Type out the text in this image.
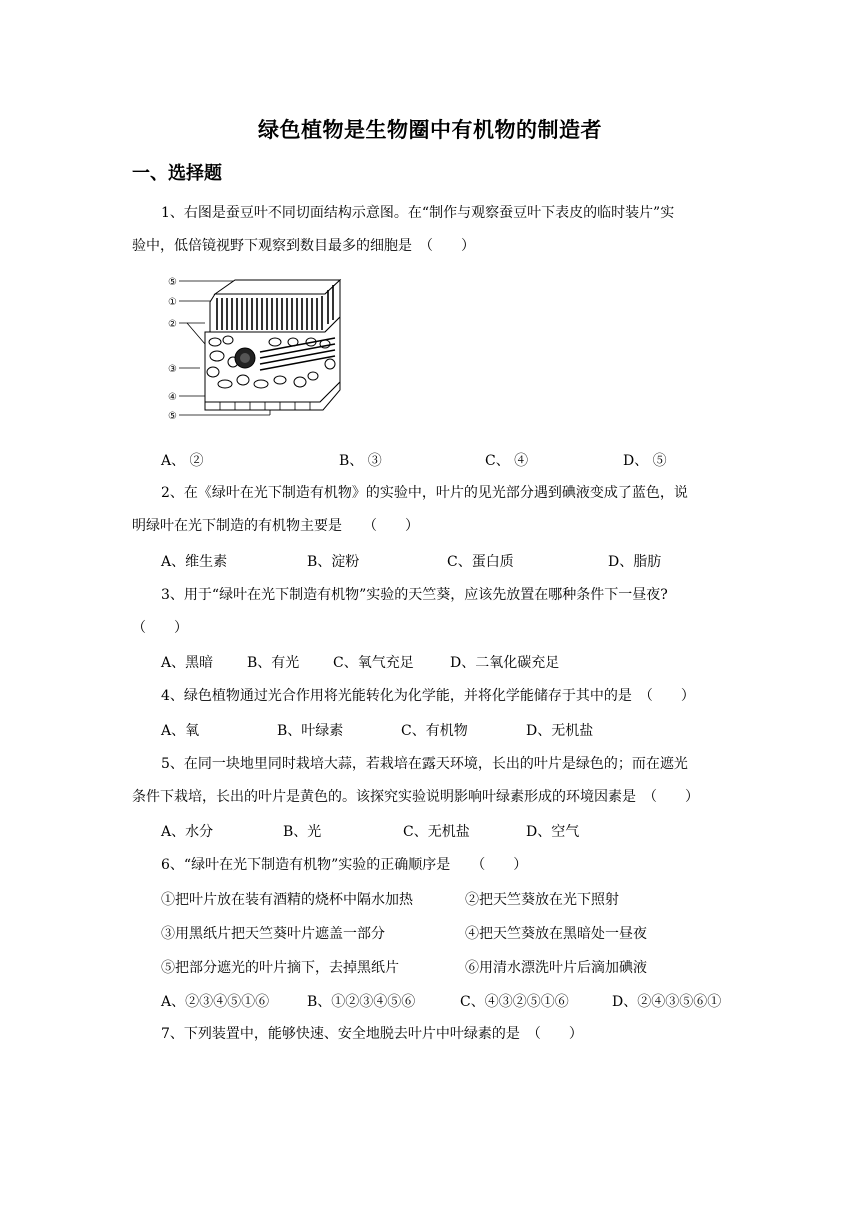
绿色植物是生物圈中有机物的制造者
一、选择题
1、右图是蚕豆叶不同切面结构示意图。在“制作与观察蚕豆叶下表皮的临时装片”实
验中，低倍镜视野下观察到数目最多的细胞是　（　　）
⑤
①
②
③
④
⑤
A、 ②	B、 ③	C、 ④	D、 ⑤
2、在《绿叶在光下制造有机物》的实验中，叶片的见光部分遇到碘液变成了蓝色，说
明绿叶在光下制造的有机物主要是　　（　　）
A、维生素	B、淀粉	C、蛋白质	D、脂肪
3、用于“绿叶在光下制造有机物”实验的天竺葵，应该先放置在哪种条件下一昼夜?
（　　）
A、黑暗 B、有光 C、氧气充足	D、二氧化碳充足
4、绿色植物通过光合作用将光能转化为化学能，并将化学能储存于其中的是　（　　）
A、氧	B、叶绿素	C、有机物	D、无机盐
5、在同一块地里同时栽培大蒜，若栽培在露天环境，长出的叶片是绿色的；而在遮光
条件下栽培，长出的叶片是黄色的。该探究实验说明影响叶绿素形成的环境因素是　（　　）
A、水分	B、光	C、无机盐	D、空气
6、“绿叶在光下制造有机物”实验的正确顺序是　　（　　）
①把叶片放在装有酒精的烧杯中隔水加热	②把天竺葵放在光下照射
③用黑纸片把天竺葵叶片遮盖一部分	④把天竺葵放在黑暗处一昼夜
⑤把部分遮光的叶片摘下，去掉黑纸片	⑥用清水漂洗叶片后滴加碘液
A、②③④⑤①⑥	B、①②③④⑤⑥	C、④③②⑤①⑥	D、②④③⑤⑥①
7、下列装置中，能够快速、安全地脱去叶片中叶绿素的是　（　　）
